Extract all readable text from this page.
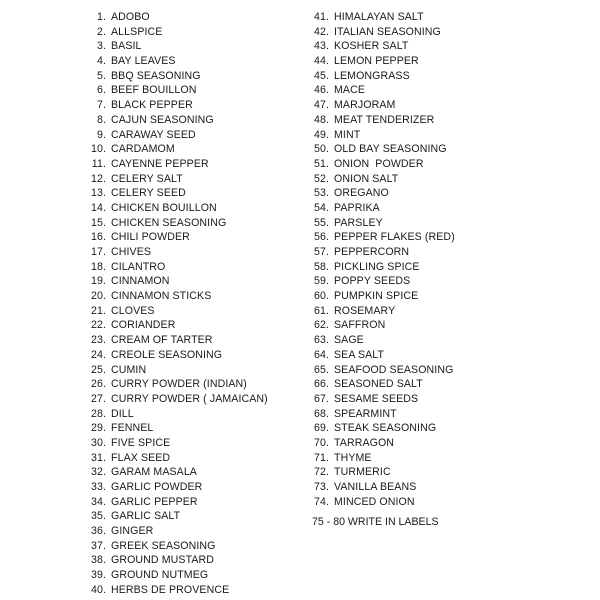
1. ADOBO
2. ALLSPICE
3. BASIL
4. BAY LEAVES
5. BBQ SEASONING
6. BEEF BOUILLON
7. BLACK PEPPER
8. CAJUN SEASONING
9. CARAWAY SEED
10. CARDAMOM
11. CAYENNE PEPPER
12. CELERY SALT
13. CELERY SEED
14. CHICKEN BOUILLON
15. CHICKEN SEASONING
16. CHILI POWDER
17. CHIVES
18. CILANTRO
19. CINNAMON
20. CINNAMON STICKS
21. CLOVES
22. CORIANDER
23. CREAM OF TARTER
24. CREOLE SEASONING
25. CUMIN
26. CURRY POWDER (INDIAN)
27. CURRY POWDER ( JAMAICAN)
28. DILL
29. FENNEL
30. FIVE SPICE
31. FLAX SEED
32. GARAM MASALA
33. GARLIC POWDER
34. GARLIC PEPPER
35. GARLIC SALT
36. GINGER
37. GREEK SEASONING
38. GROUND MUSTARD
39. GROUND NUTMEG
40. HERBS DE PROVENCE
41. HIMALAYAN SALT
42. ITALIAN SEASONING
43. KOSHER SALT
44. LEMON PEPPER
45. LEMONGRASS
46. MACE
47. MARJORAM
48. MEAT TENDERIZER
49. MINT
50. OLD BAY SEASONING
51. ONION  POWDER
52. ONION SALT
53. OREGANO
54. PAPRIKA
55. PARSLEY
56. PEPPER FLAKES (RED)
57. PEPPERCORN
58. PICKLING SPICE
59. POPPY SEEDS
60. PUMPKIN SPICE
61. ROSEMARY
62. SAFFRON
63. SAGE
64. SEA SALT
65. SEAFOOD SEASONING
66. SEASONED SALT
67. SESAME SEEDS
68. SPEARMINT
69. STEAK SEASONING
70. TARRAGON
71. THYME
72. TURMERIC
73. VANILLA BEANS
74. MINCED ONION
75 - 80 WRITE IN LABELS
